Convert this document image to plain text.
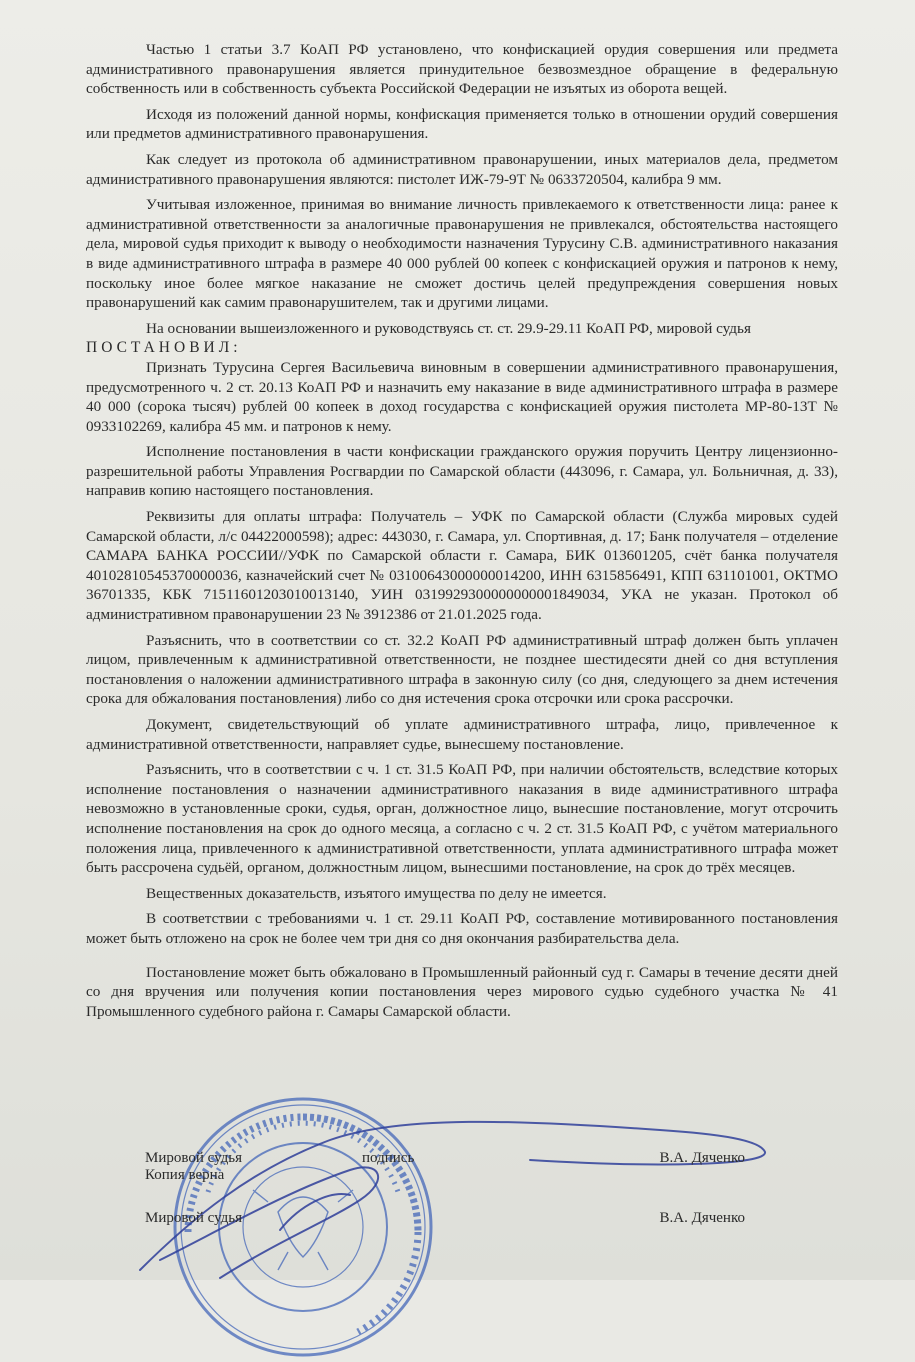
Частью 1 статьи 3.7 КоАП РФ установлено, что конфискацией орудия совершения или предмета административного правонарушения является принудительное безвозмездное обращение в федеральную собственность или в собственность субъекта Российской Федерации не изъятых из оборота вещей.

Исходя из положений данной нормы, конфискация применяется только в отношении орудий совершения или предметов административного правонарушения.

Как следует из протокола об административном правонарушении, иных материалов дела, предметом административного правонарушения являются: пистолет ИЖ-79-9Т № 0633720504, калибра 9 мм.

Учитывая изложенное, принимая во внимание личность привлекаемого к ответственности лица: ранее к административной ответственности за аналогичные правонарушения не привлекался, обстоятельства настоящего дела, мировой судья приходит к выводу о необходимости назначения Турусину С.В. административного наказания в виде административного штрафа в размере 40 000 рублей 00 копеек с конфискацией оружия и патронов к нему, поскольку иное более мягкое наказание не сможет достичь целей предупреждения совершения новых правонарушений как самим правонарушителем, так и другими лицами.

На основании вышеизложенного и руководствуясь ст. ст. 29.9-29.11 КоАП РФ, мировой судья

ПОСТАНОВИЛ:

Признать Турусина Сергея Васильевича виновным в совершении административного правонарушения, предусмотренного ч. 2 ст. 20.13 КоАП РФ и назначить ему наказание в виде административного штрафа в размере 40 000 (сорока тысяч) рублей 00 копеек в доход государства с конфискацией оружия пистолета МР-80-13Т № 0933102269, калибра 45 мм. и патронов к нему.

Исполнение постановления в части конфискации гражданского оружия поручить Центру лицензионно-разрешительной работы Управления Росгвардии по Самарской области (443096, г. Самара, ул. Больничная, д. 33), направив копию настоящего постановления.

Реквизиты для оплаты штрафа: Получатель – УФК по Самарской области (Служба мировых судей Самарской области, л/с 04422000598); адрес: 443030, г. Самара, ул. Спортивная, д. 17; Банк получателя – отделение САМАРА БАНКА РОССИИ//УФК по Самарской области г. Самара, БИК 013601205, счёт банка получателя 40102810545370000036, казначейский счет № 03100643000000014200, ИНН 6315856491, КПП 631101001, ОКТМО 36701335, КБК 71511601203010013140, УИН 0319929300000000001849034, УКА не указан. Протокол об административном правонарушении 23 № 3912386 от 21.01.2025 года.

Разъяснить, что в соответствии со ст. 32.2 КоАП РФ административный штраф должен быть уплачен лицом, привлеченным к административной ответственности, не позднее шестидесяти дней со дня вступления постановления о наложении административного штрафа в законную силу (со дня, следующего за днем истечения срока для обжалования постановления) либо со дня истечения срока отсрочки или срока рассрочки.

Документ, свидетельствующий об уплате административного штрафа, лицо, привлеченное к административной ответственности, направляет судье, вынесшему постановление.

Разъяснить, что в соответствии с ч. 1 ст. 31.5 КоАП РФ, при наличии обстоятельств, вследствие которых исполнение постановления о назначении административного наказания в виде административного штрафа невозможно в установленные сроки, судья, орган, должностное лицо, вынесшие постановление, могут отсрочить исполнение постановления на срок до одного месяца, а согласно с ч. 2 ст. 31.5 КоАП РФ, с учётом материального положения лица, привлеченного к административной ответственности, уплата административного штрафа может быть рассрочена судьёй, органом, должностным лицом, вынесшими постановление, на срок до трёх месяцев.

Вещественных доказательств, изъятого имущества по делу не имеется.

В соответствии с требованиями ч. 1 ст. 29.11 КоАП РФ, составление мотивированного постановления может быть отложено на срок не более чем три дня со дня окончания разбирательства дела.

Постановление может быть обжаловано в Промышленный районный суд г. Самары в течение десяти дней со дня вручения или получения копии постановления через мирового судью судебного участка № 41 Промышленного судебного района г. Самары Самарской области.

Мировой судья	подпись	В.А. Дяченко
Копия верна
Мировой судья	В.А. Дяченко
